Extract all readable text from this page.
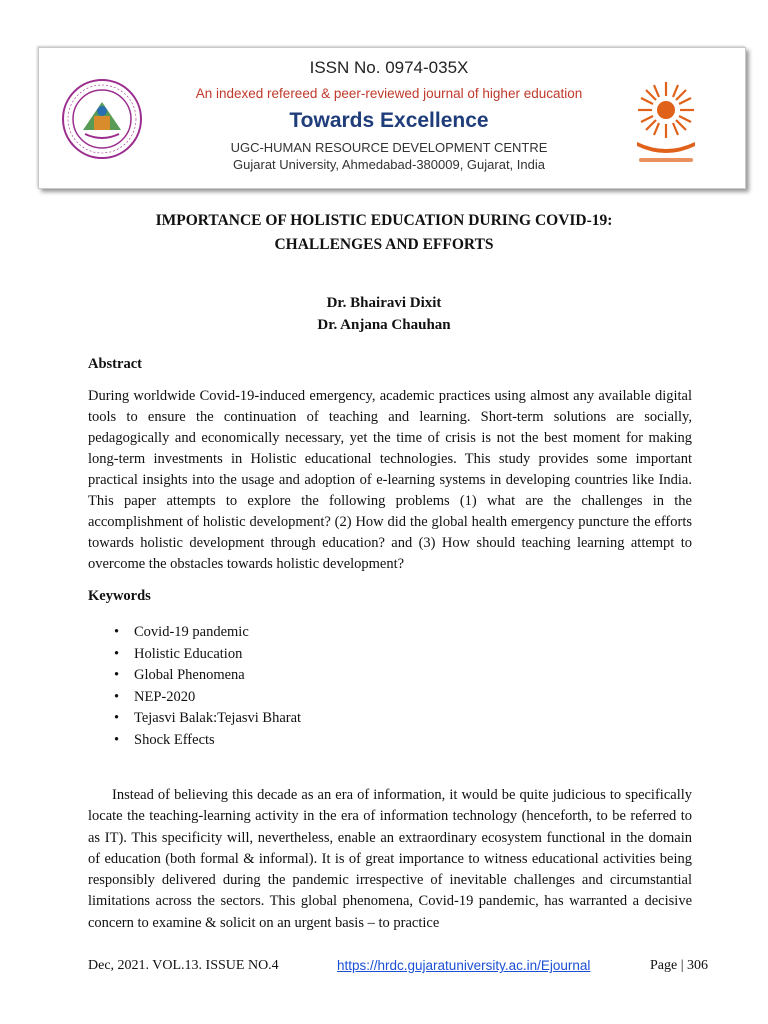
ISSN No. 0974-035X
An indexed refereed & peer-reviewed journal of higher education
Towards Excellence
UGC-HUMAN RESOURCE DEVELOPMENT CENTRE
Gujarat University, Ahmedabad-380009, Gujarat, India
IMPORTANCE OF HOLISTIC EDUCATION DURING COVID-19:
CHALLENGES AND EFFORTS
Dr. Bhairavi Dixit
Dr. Anjana Chauhan
Abstract

During worldwide Covid-19-induced emergency, academic practices using almost any available digital tools to ensure the continuation of teaching and learning. Short-term solutions are socially, pedagogically and economically necessary, yet the time of crisis is not the best moment for making long-term investments in Holistic educational technologies. This study provides some important practical insights into the usage and adoption of e-learning systems in developing countries like India. This paper attempts to explore the following problems (1) what are the challenges in the accomplishment of holistic development? (2) How did the global health emergency puncture the efforts towards holistic development through education? and (3) How should teaching learning attempt to overcome the obstacles towards holistic development?

Keywords
• Covid-19 pandemic
• Holistic Education
• Global Phenomena
• NEP-2020
• Tejasvi Balak:Tejasvi Bharat
• Shock Effects

Instead of believing this decade as an era of information, it would be quite judicious to specifically locate the teaching-learning activity in the era of information technology (henceforth, to be referred to as IT). This specificity will, nevertheless, enable an extraordinary ecosystem functional in the domain of education (both formal & informal). It is of great importance to witness educational activities being responsibly delivered during the pandemic irrespective of inevitable challenges and circumstantial limitations across the sectors. This global phenomena, Covid-19 pandemic, has warranted a decisive concern to examine & solicit on an urgent basis – to practice

Dec, 2021. VOL.13. ISSUE NO.4	https://hrdc.gujaratuniversity.ac.in/Ejournal	Page | 306
